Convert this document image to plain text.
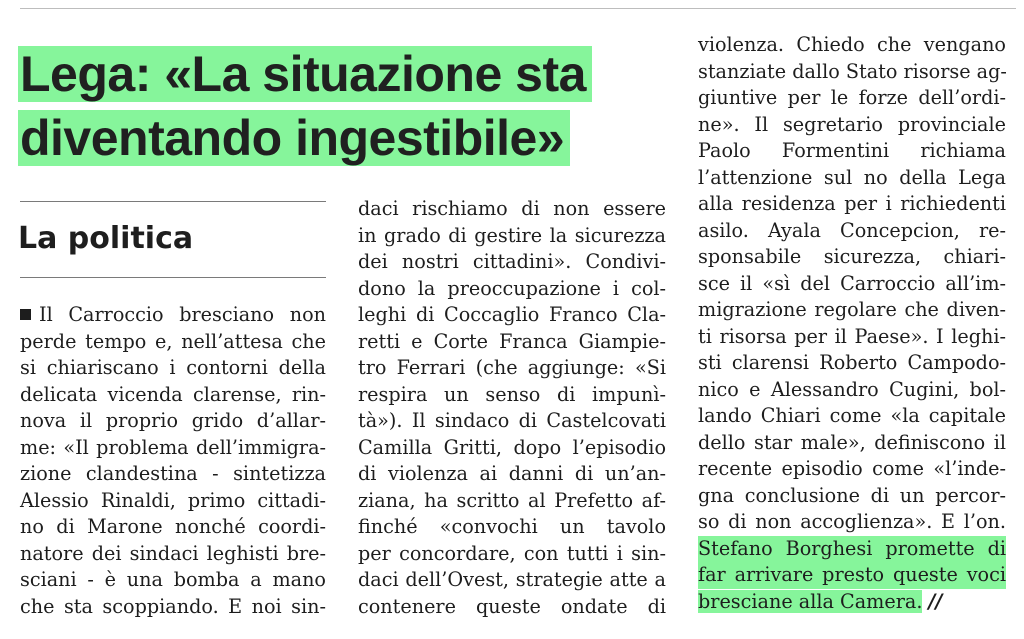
Lega: «La situazione sta
diventando ingestibile»
La politica
Il Carroccio bresciano non
perde tempo e, nell’attesa che
si chiariscano i contorni della
delicata vicenda clarense, rin-
nova il proprio grido d’allar-
me: «Il problema dell’immigra-
zione clandestina - sintetizza
Alessio Rinaldi, primo cittadi-
no di Marone nonché coordi-
natore dei sindaci leghisti bre-
sciani - è una bomba a mano
che sta scoppiando. E noi sin-
daci rischiamo di non essere
in grado di gestire la sicurezza
dei nostri cittadini». Condivi-
dono la preoccupazione i col-
leghi di Coccaglio Franco Cla-
retti e Corte Franca Giampie-
tro Ferrari (che aggiunge: «Si
respira un senso di impunì-
tà»). Il sindaco di Castelcovati
Camilla Gritti, dopo l’episodio
di violenza ai danni di un’an-
ziana, ha scritto al Prefetto af-
finché «convochi un tavolo
per concordare, con tutti i sin-
daci dell’Ovest, strategie atte a
contenere queste ondate di
violenza. Chiedo che vengano
stanziate dallo Stato risorse ag-
giuntive per le forze dell’ordi-
ne». Il segretario provinciale
Paolo Formentini richiama
l’attenzione sul no della Lega
alla residenza per i richiedenti
asilo. Ayala Concepcion, re-
sponsabile sicurezza, chiari-
sce il «sì del Carroccio all’im-
migrazione regolare che diven-
ti risorsa per il Paese». I leghi-
sti clarensi Roberto Campodo-
nico e Alessandro Cugini, bol-
lando Chiari come «la capitale
dello star male», definiscono il
recente episodio come «l’inde-
gna conclusione di un percor-
so di non accoglienza». E l’on.
Stefano Borghesi promette di
far arrivare presto queste voci
bresciane alla Camera. //
